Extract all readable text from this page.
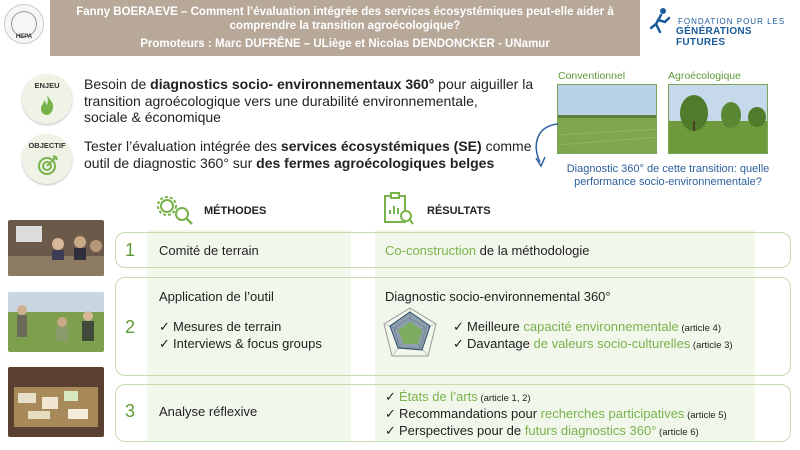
HEPA
Fanny BOERAEVE – Comment l’évaluation intégrée des services écosystémiques peut-elle aider à
comprendre la transition agroécologique?
Promoteurs : Marc DUFRÊNE – ULiège et Nicolas DENDONCKER - UNamur
FONDATION POUR LES
GÉNÉRATIONS FUTURES
ENJEU	Besoin de diagnostics socio- environnementaux 360° pour aiguiller la
transition agroécologique vers une durabilité environnementale,
sociale & économique
OBJECTIF	Tester l’évaluation intégrée des services écosystémiques (SE) comme
outil de diagnostic 360° sur des fermes agroécologiques belges
Conventionnel	Agroécologique
Diagnostic 360° de cette transition: quelle performance socio-environnementale?
MÉTHODES	RÉSULTATS
1 Comité de terrain	Co-construction de la méthodologie
2
Application de l’outil
✓ Mesures de terrain
✓ Interviews & focus groups
Diagnostic socio-environnemental 360°
✓ Meilleure capacité environnementale (article 4)
✓ Davantage de valeurs socio-culturelles (article 3)
3 Analyse réflexive
✓ États de l’arts (article 1, 2)
✓ Recommandations pour recherches participatives (article 5)
✓ Perspectives pour de futurs diagnostics 360° (article 6)
